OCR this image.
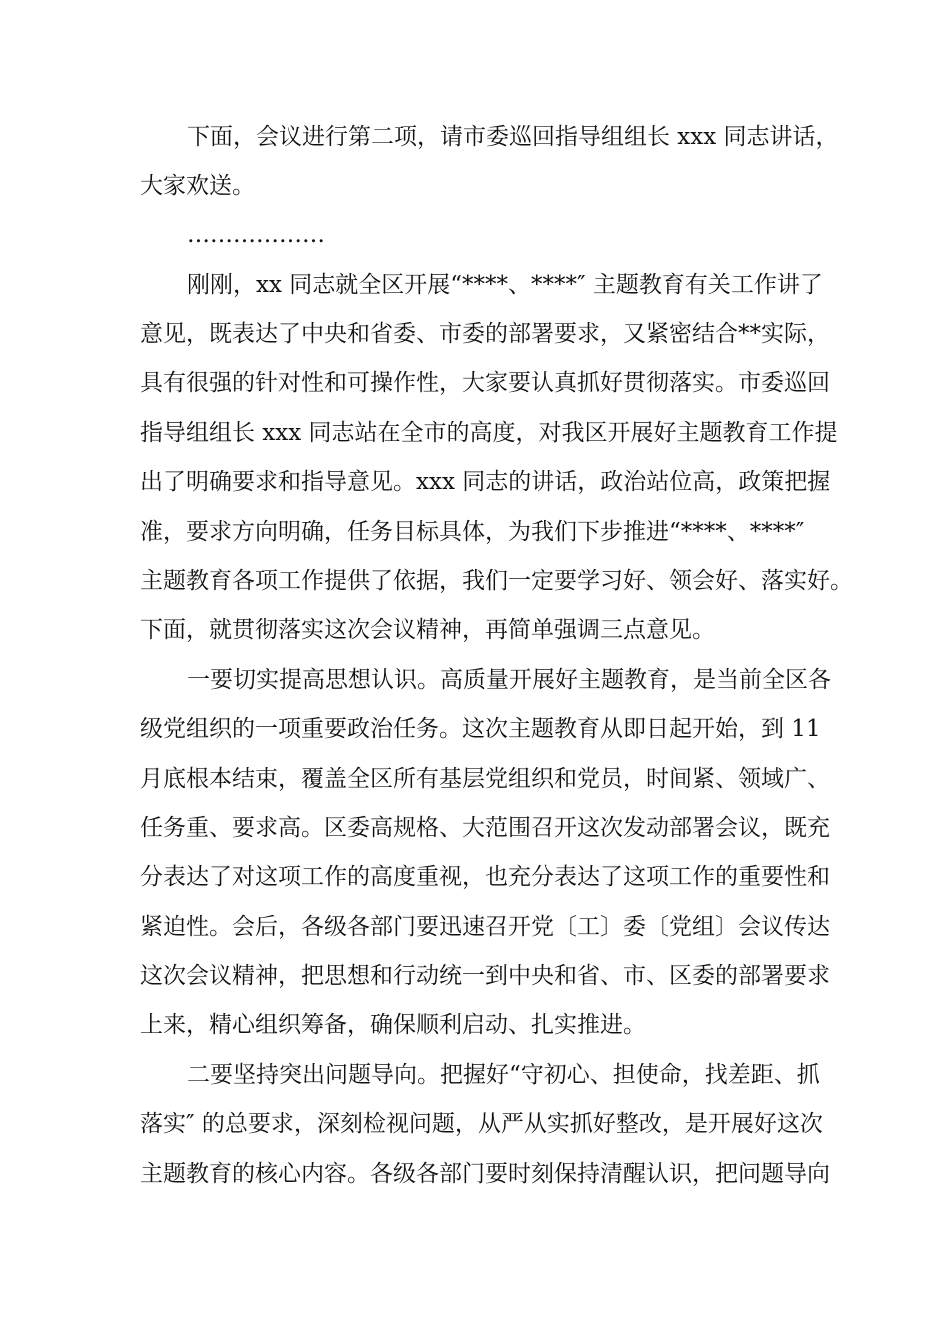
下面，会议进行第二项，请市委巡回指导组组长 xxx 同志讲话，
大家欢送。
………………
刚刚，xx 同志就全区开展“****、****″ 主题教育有关工作讲了
意见，既表达了中央和省委、市委的部署要求，又紧密结合**实际，
具有很强的针对性和可操作性，大家要认真抓好贯彻落实。市委巡回
指导组组长 xxx 同志站在全市的高度，对我区开展好主题教育工作提
出了明确要求和指导意见。xxx 同志的讲话，政治站位高，政策把握
准，要求方向明确，任务目标具体，为我们下步推进“****、****″
主题教育各项工作提供了依据，我们一定要学习好、领会好、落实好。
下面，就贯彻落实这次会议精神，再简单强调三点意见。
一要切实提高思想认识。高质量开展好主题教育，是当前全区各
级党组织的一项重要政治任务。这次主题教育从即日起开始，到 11
月底根本结束，覆盖全区所有基层党组织和党员，时间紧、领域广、
任务重、要求高。区委高规格、大范围召开这次发动部署会议，既充
分表达了对这项工作的高度重视，也充分表达了这项工作的重要性和
紧迫性。会后，各级各部门要迅速召开党〔工〕委〔党组〕会议传达
这次会议精神，把思想和行动统一到中央和省、市、区委的部署要求
上来，精心组织筹备，确保顺利启动、扎实推进。
二要坚持突出问题导向。把握好“守初心、担使命，找差距、抓
落实″ 的总要求，深刻检视问题，从严从实抓好整改，是开展好这次
主题教育的核心内容。各级各部门要时刻保持清醒认识，把问题导向
